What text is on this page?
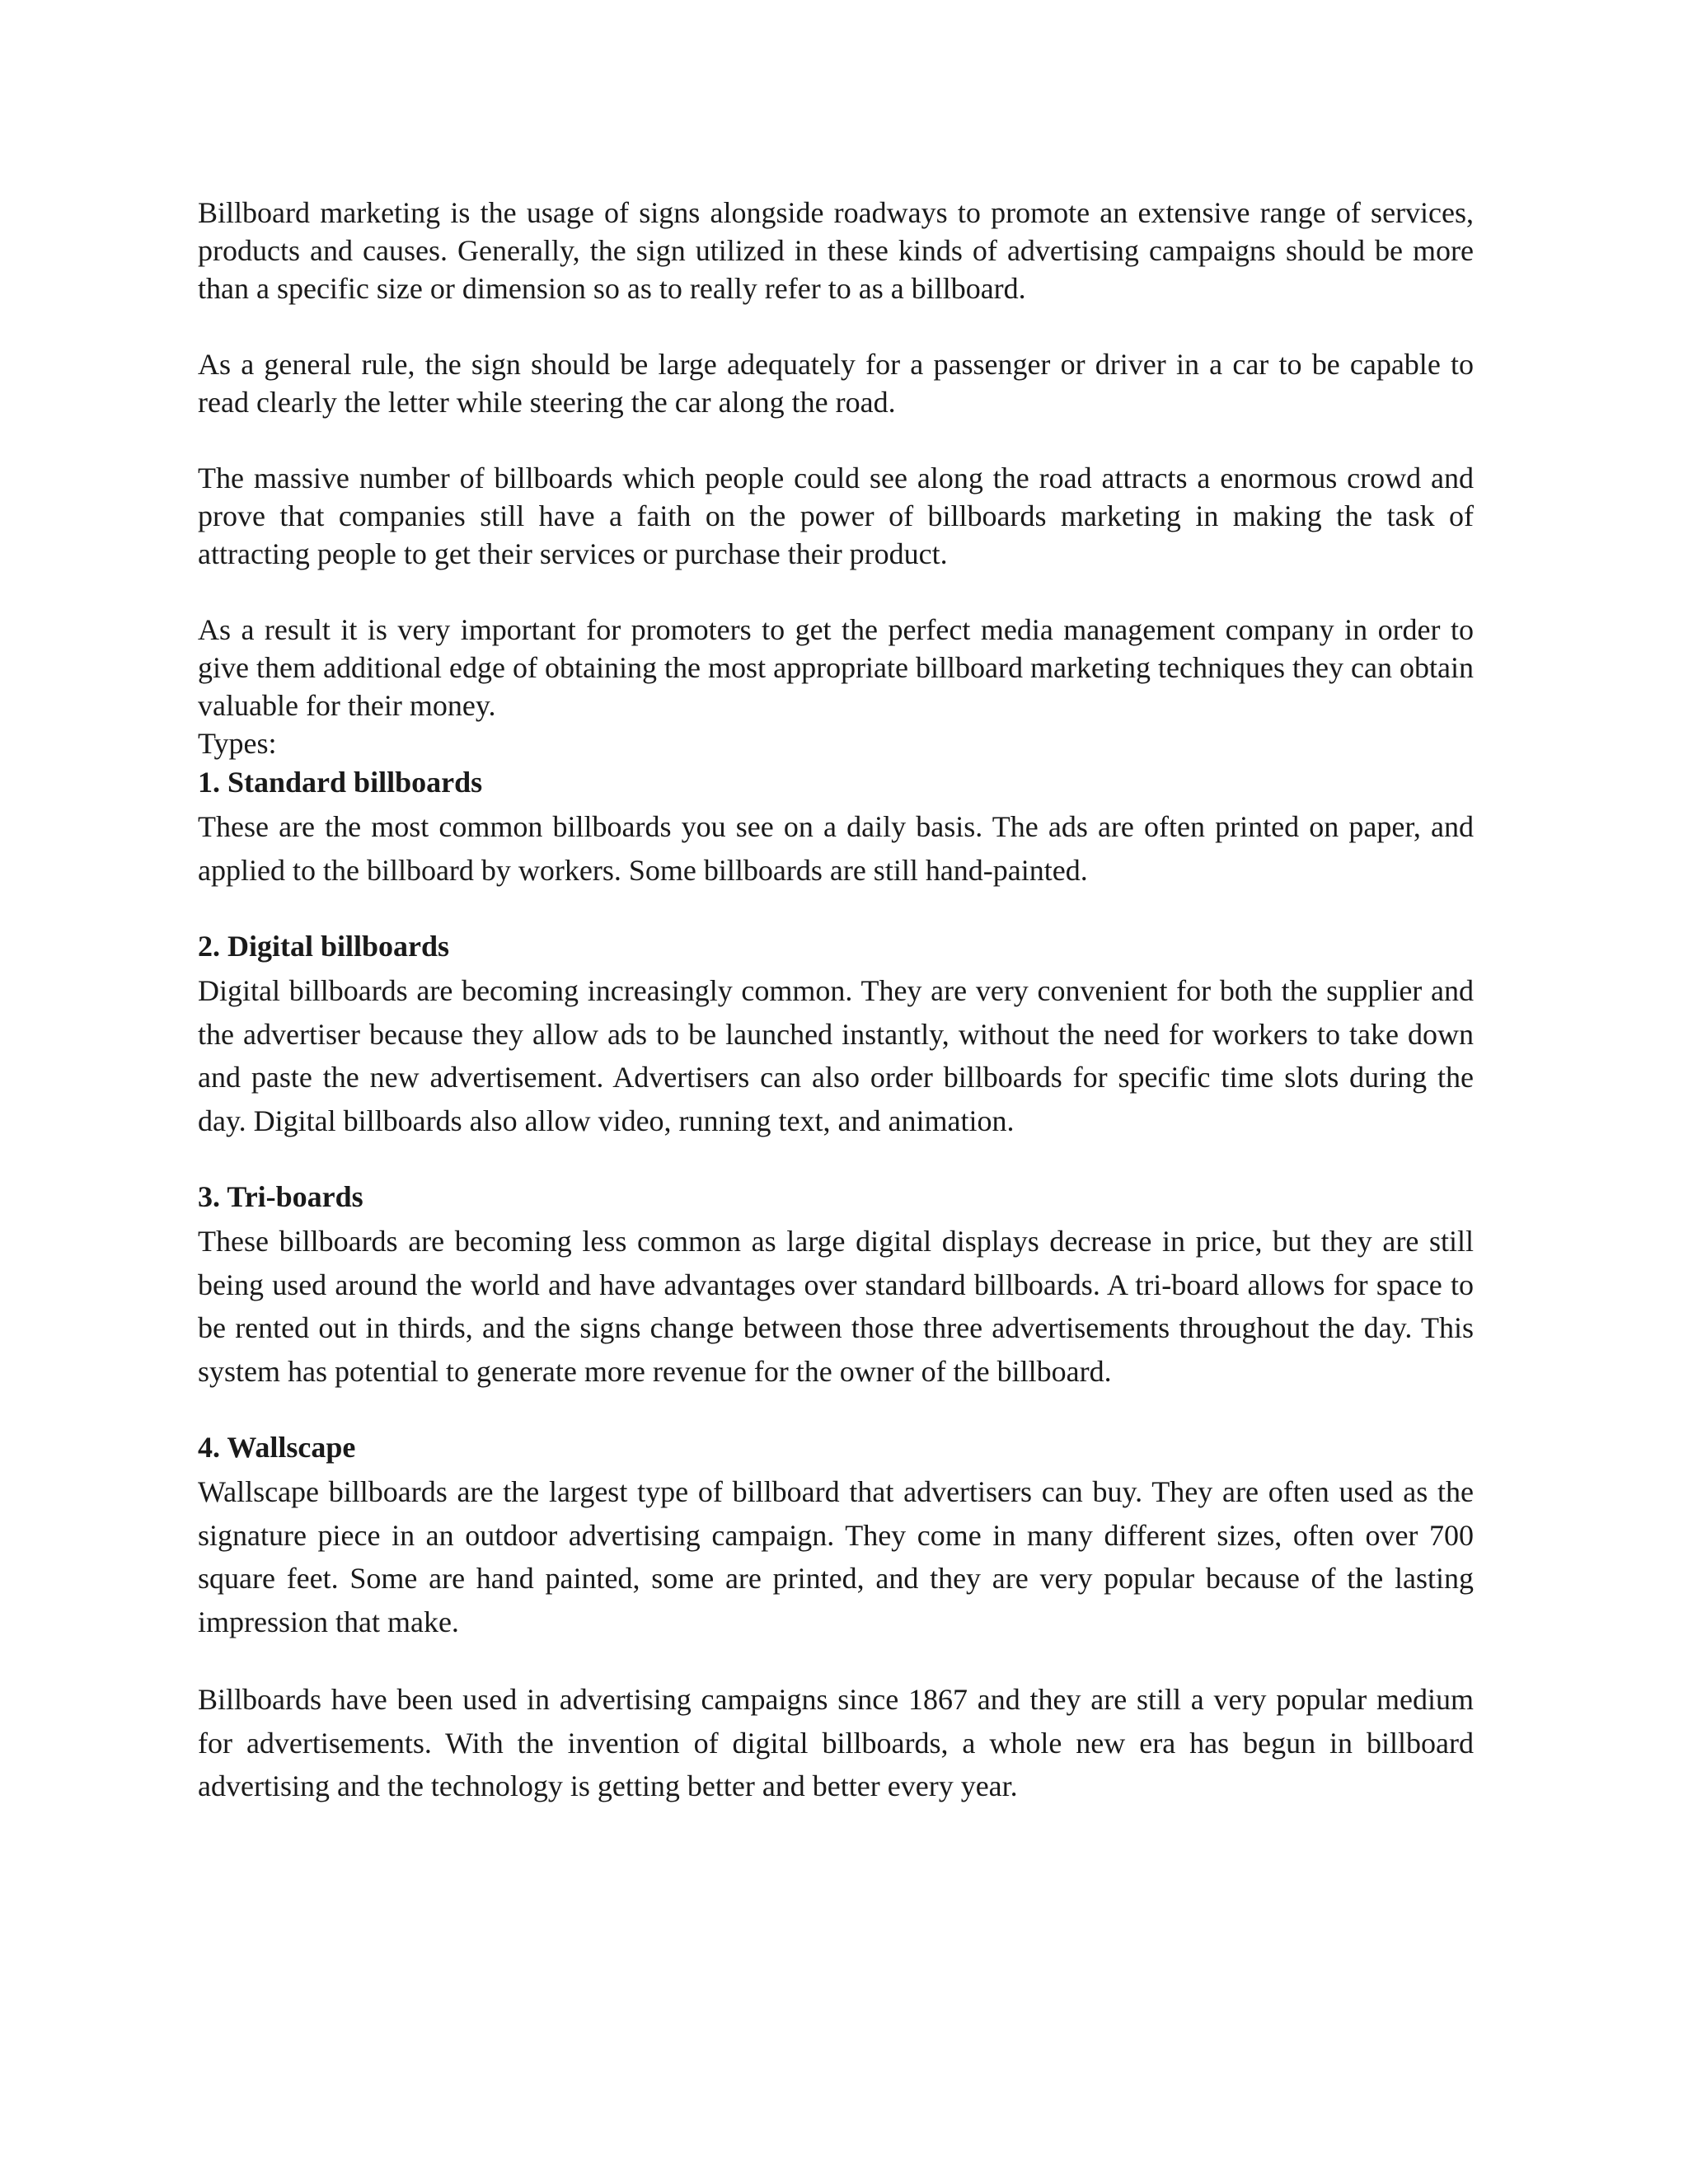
Billboard marketing is the usage of signs alongside roadways to promote an extensive range of services, products and causes. Generally, the sign utilized in these kinds of advertising campaigns should be more than a specific size or dimension so as to really refer to as a billboard.

As a general rule, the sign should be large adequately for a passenger or driver in a car to be capable to read clearly the letter while steering the car along the road.

The massive number of billboards which people could see along the road attracts a enormous crowd and prove that companies still have a faith on the power of billboards marketing in making the task of attracting people to get their services or purchase their product.

As a result it is very important for promoters to get the perfect media management company in order to give them additional edge of obtaining the most appropriate billboard marketing techniques they can obtain valuable for their money.

Types:

1. Standard billboards

These are the most common billboards you see on a daily basis. The ads are often printed on paper, and applied to the billboard by workers. Some billboards are still hand-painted.

2. Digital billboards

Digital billboards are becoming increasingly common. They are very convenient for both the supplier and the advertiser because they allow ads to be launched instantly, without the need for workers to take down and paste the new advertisement. Advertisers can also order billboards for specific time slots during the day. Digital billboards also allow video, running text, and animation.

3. Tri-boards

These billboards are becoming less common as large digital displays decrease in price, but they are still being used around the world and have advantages over standard billboards. A tri-board allows for space to be rented out in thirds, and the signs change between those three advertisements throughout the day. This system has potential to generate more revenue for the owner of the billboard.

4. Wallscape

Wallscape billboards are the largest type of billboard that advertisers can buy. They are often used as the signature piece in an outdoor advertising campaign. They come in many different sizes, often over 700 square feet. Some are hand painted, some are printed, and they are very popular because of the lasting impression that make.

Billboards have been used in advertising campaigns since 1867 and they are still a very popular medium for advertisements. With the invention of digital billboards, a whole new era has begun in billboard advertising and the technology is getting better and better every year.
